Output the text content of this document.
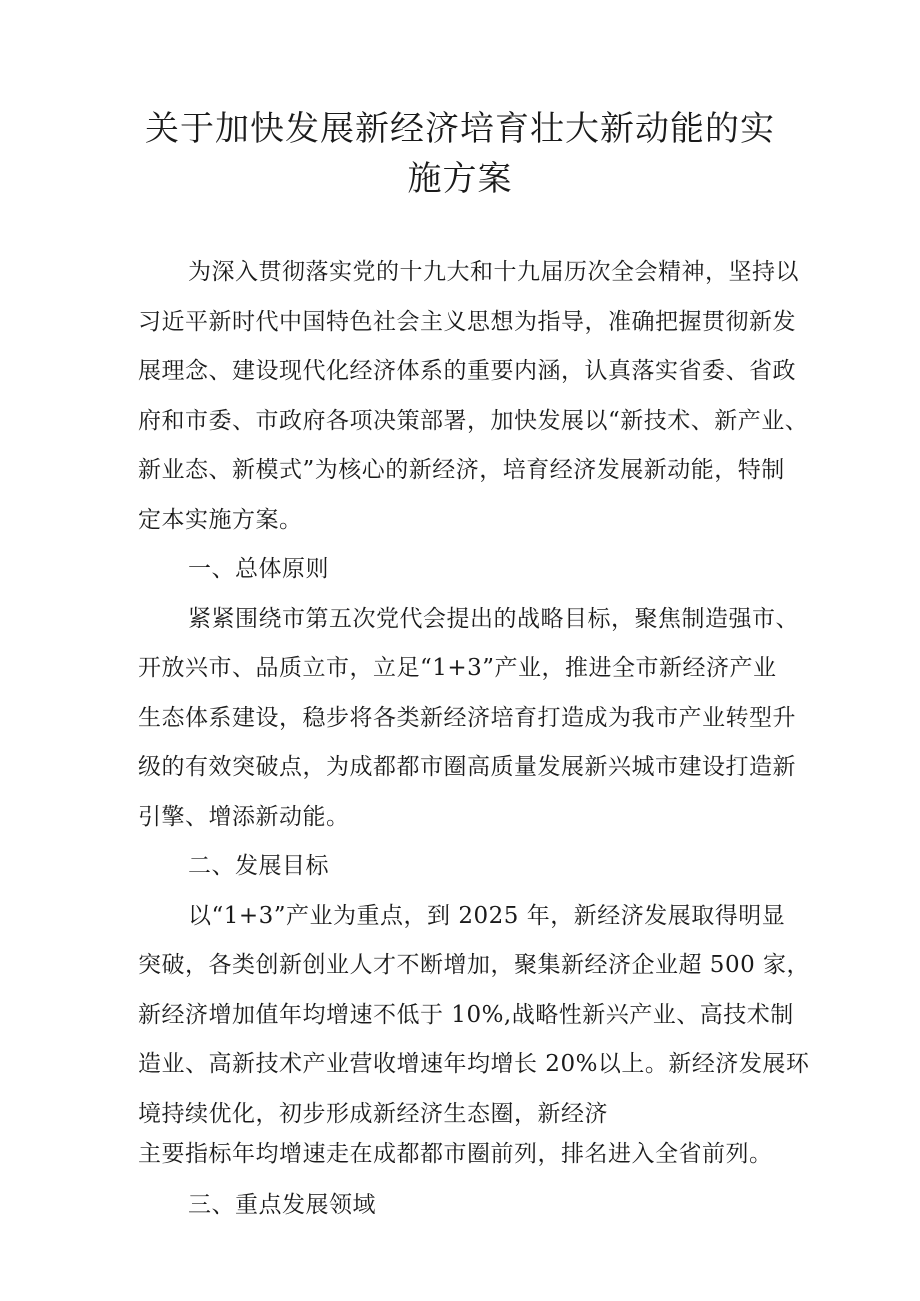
关于加快发展新经济培育壮大新动能的实
施方案
为深入贯彻落实党的十九大和十九届历次全会精神，坚持以
习近平新时代中国特色社会主义思想为指导，准确把握贯彻新发
展理念、建设现代化经济体系的重要内涵，认真落实省委、省政
府和市委、市政府各项决策部署，加快发展以“新技术、新产业、
新业态、新模式”为核心的新经济，培育经济发展新动能，特制
定本实施方案。
一、总体原则
紧紧围绕市第五次党代会提出的战略目标，聚焦制造强市、
开放兴市、品质立市，立足“1+3”产业，推进全市新经济产业
生态体系建设，稳步将各类新经济培育打造成为我市产业转型升
级的有效突破点，为成都都市圈高质量发展新兴城市建设打造新
引擎、增添新动能。
二、发展目标
以“1+3”产业为重点，到 2025 年，新经济发展取得明显
突破，各类创新创业人才不断增加，聚集新经济企业超 500 家，
新经济增加值年均增速不低于 10%,战略性新兴产业、高技术制
造业、高新技术产业营收增速年均增长 20%以上。新经济发展环
境持续优化，初步形成新经济生态圈，新经济
主要指标年均增速走在成都都市圈前列，排名进入全省前列。
三、重点发展领域
